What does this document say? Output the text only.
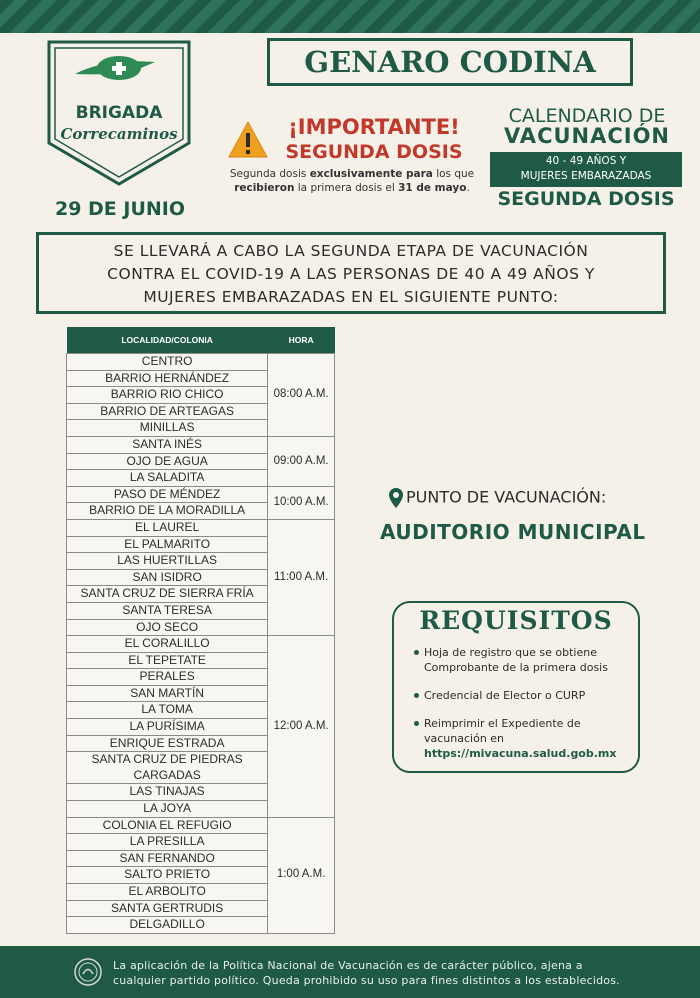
BRIGADA
Correcaminos
29 DE JUNIO
GENARO CODINA
¡IMPORTANTE!
SEGUNDA DOSIS
Segunda dosis exclusivamente para los que
recibieron la primera dosis el 31 de mayo.
CALENDARIO DE
VACUNACIÓN
40 - 49 AÑOS Y
MUJERES EMBARAZADAS
SEGUNDA DOSIS
SE LLEVARÁ A CABO LA SEGUNDA ETAPA DE VACUNACIÓN
CONTRA EL COVID-19 A LAS PERSONAS DE 40 A 49 AÑOS Y
MUJERES EMBARAZADAS EN EL SIGUIENTE PUNTO:
LOCALIDAD/COLONIA	HORA
CENTRO	08:00 A.M.
BARRIO HERNÁNDEZ	
BARRIO RIO CHICO	
BARRIO DE ARTEAGAS	
MINILLAS	
SANTA INÉS	09:00 A.M.
OJO DE AGUA	
LA SALADITA	
PASO DE MÉNDEZ	10:00 A.M.
BARRIO DE LA MORADILLA	
EL LAUREL	11:00 A.M.
EL PALMARITO	
LAS HUERTILLAS	
SAN ISIDRO	
SANTA CRUZ DE SIERRA FRÍA	
SANTA TERESA	
OJO SECO	
EL CORALILLO	12:00 A.M.
EL TEPETATE	
PERALES	
SAN MARTÍN	
LA TOMA	
LA PURÍSIMA	
ENRIQUE ESTRADA	
SANTA CRUZ DE PIEDRAS CARGADAS	
LAS TINAJAS	
LA JOYA	
COLONIA EL REFUGIO	1:00 A.M.
LA PRESILLA	
SAN FERNANDO	
SALTO PRIETO	
EL ARBOLITO	
SANTA GERTRUDIS	
DELGADILLO	
PUNTO DE VACUNACIÓN:
AUDITORIO MUNICIPAL
REQUISITOS
Hoja de registro que se obtiene Comprobante de la primera dosis
Credencial de Elector o CURP
Reimprimir el Expediente de vacunación en
https://mivacuna.salud.gob.mx
La aplicación de la Política Nacional de Vacunación es de carácter público, ajena a
cualquier partido político. Queda prohibido su uso para fines distintos a los establecidos.
